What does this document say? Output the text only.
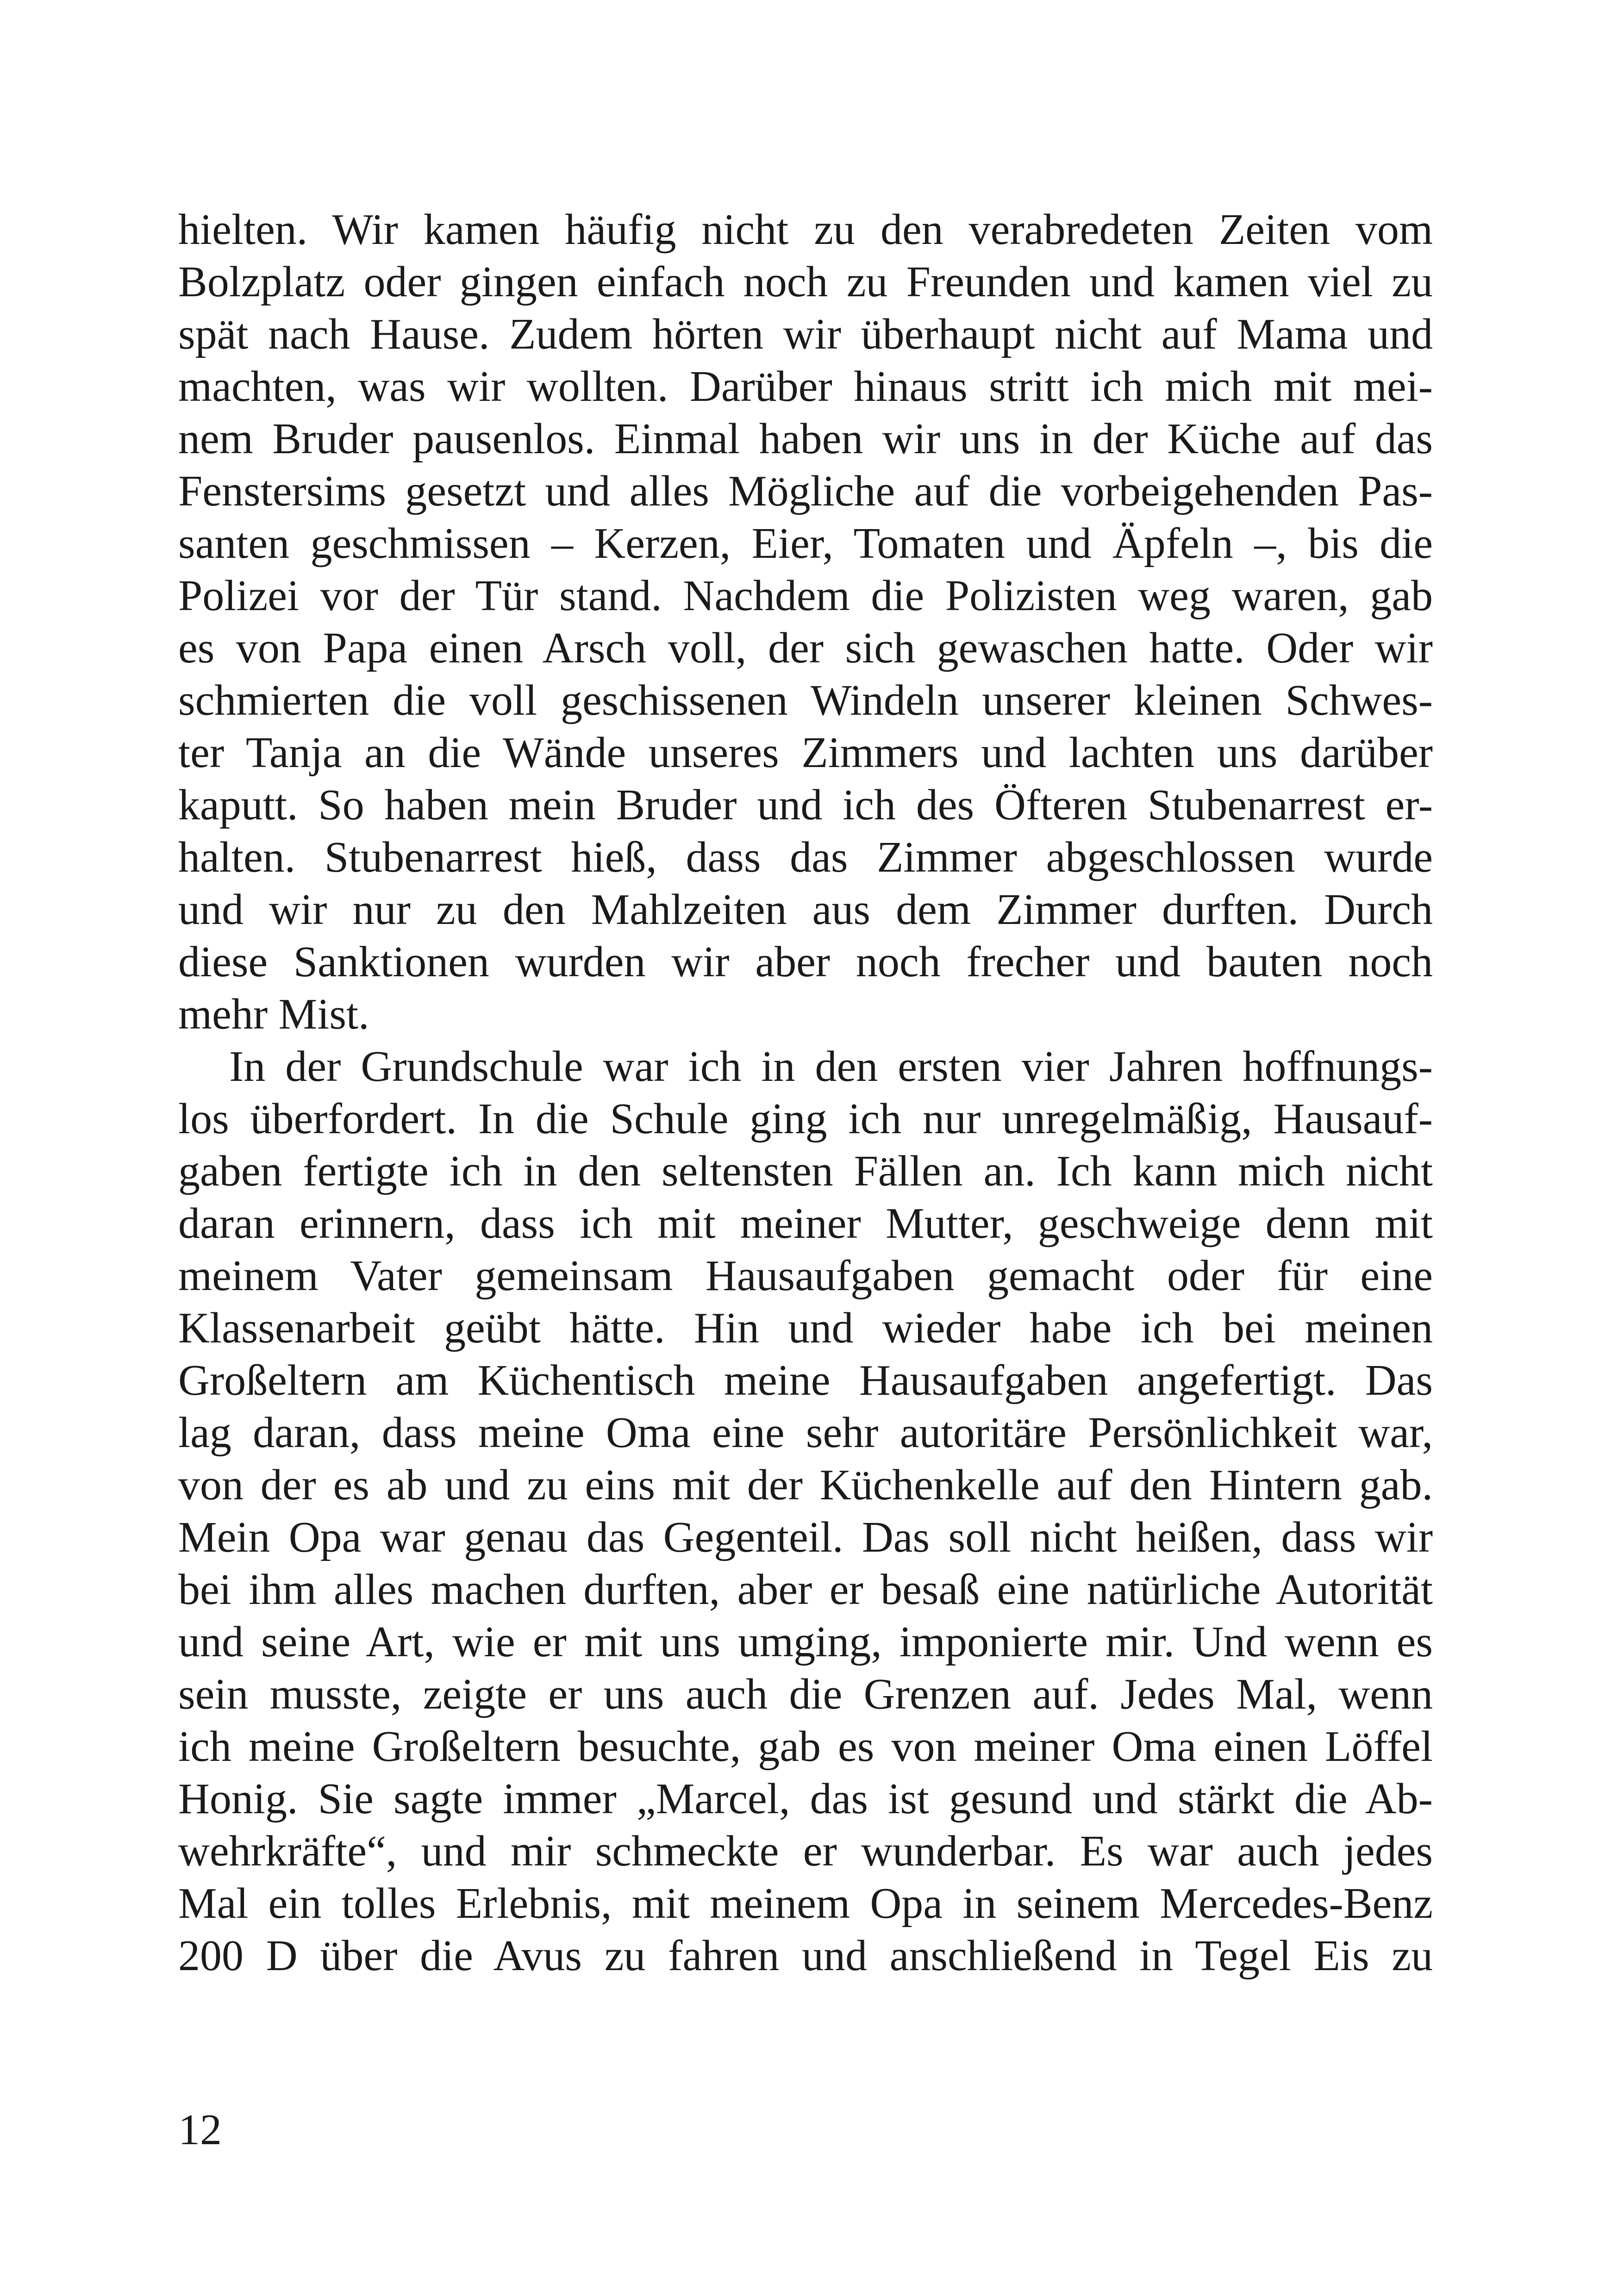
hielten. Wir kamen häufig nicht zu den verabredeten Zeiten vom
Bolzplatz oder gingen einfach noch zu Freunden und kamen viel zu
spät nach Hause. Zudem hörten wir überhaupt nicht auf Mama und
machten, was wir wollten. Darüber hinaus stritt ich mich mit mei-
nem Bruder pausenlos. Einmal haben wir uns in der Küche auf das
Fenstersims gesetzt und alles Mögliche auf die vorbeigehenden Pas-
santen geschmissen – Kerzen, Eier, Tomaten und Äpfeln –, bis die
Polizei vor der Tür stand. Nachdem die Polizisten weg waren, gab
es von Papa einen Arsch voll, der sich gewaschen hatte. Oder wir
schmierten die voll geschissenen Windeln unserer kleinen Schwes-
ter Tanja an die Wände unseres Zimmers und lachten uns darüber
kaputt. So haben mein Bruder und ich des Öfteren Stubenarrest er-
halten. Stubenarrest hieß, dass das Zimmer abgeschlossen wurde
und wir nur zu den Mahlzeiten aus dem Zimmer durften. Durch
diese Sanktionen wurden wir aber noch frecher und bauten noch
mehr Mist.
In der Grundschule war ich in den ersten vier Jahren hoffnungs-
los überfordert. In die Schule ging ich nur unregelmäßig, Hausauf-
gaben fertigte ich in den seltensten Fällen an. Ich kann mich nicht
daran erinnern, dass ich mit meiner Mutter, geschweige denn mit
meinem Vater gemeinsam Hausaufgaben gemacht oder für eine
Klassenarbeit geübt hätte. Hin und wieder habe ich bei meinen
Großeltern am Küchentisch meine Hausaufgaben angefertigt. Das
lag daran, dass meine Oma eine sehr autoritäre Persönlichkeit war,
von der es ab und zu eins mit der Küchenkelle auf den Hintern gab.
Mein Opa war genau das Gegenteil. Das soll nicht heißen, dass wir
bei ihm alles machen durften, aber er besaß eine natürliche Autorität
und seine Art, wie er mit uns umging, imponierte mir. Und wenn es
sein musste, zeigte er uns auch die Grenzen auf. Jedes Mal, wenn
ich meine Großeltern besuchte, gab es von meiner Oma einen Löffel
Honig. Sie sagte immer „Marcel, das ist gesund und stärkt die Ab-
wehrkräfte“, und mir schmeckte er wunderbar. Es war auch jedes
Mal ein tolles Erlebnis, mit meinem Opa in seinem Mercedes-Benz
200 D über die Avus zu fahren und anschließend in Tegel Eis zu
12
